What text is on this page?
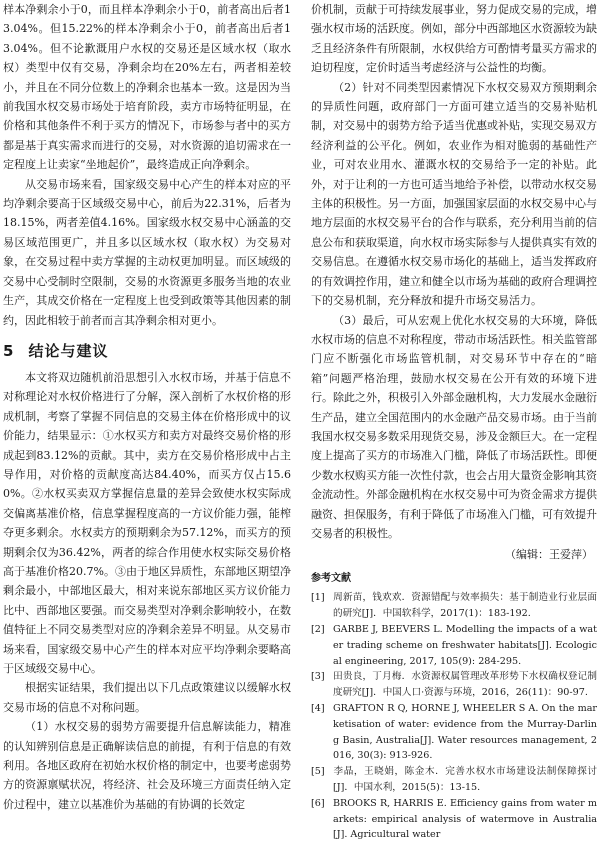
样本净剩余小于0，而且样本净剩余小于0，前者高出后者13.04%。但15.22%的样本净剩余小于0，前者高出后者13.04%。但不论歉溉用户水权的交易还是区域水权（取水权）类型中仅有交易，净剩余均在20%左右，两者相差较小，并且在不同分位数上的净剩余也基本一致。这是因为当前我国水权交易市场处于培育阶段，卖方市场特征明显，在价格和其他条件不利于买方的情况下，市场参与者中的买方都是基于真实需求而进行的交易，对水资源的追切需求在一定程度上让卖家“坐地起价”，最终造成正向净剩余。

从交易市场来看，国家级交易中心产生的样本对应的平均净剩余要高于区域级交易中心，前后为22.31%，后者为18.15%，两者差值4.16%。国家级水权交易中心涵盖的交易区域范围更广，并且多以区域水权（取水权）为交易对象，在交易过程中卖方掌握的主动权更加明显。而区域级的交易中心受制时空限制，交易的水资源更多服务当地的农业生产，其成交价格在一定程度上也受到政策等其他因素的制约，因此相较于前者而言其净剩余相对更小。

5 结论与建议

本文将双边随机前沿思想引入水权市场，并基于信息不对称理论对水权价格进行了分解，深入剖析了水权价格的形成机制，考察了掌握不同信息的交易主体在价格形成中的议价能力，结果显示：①水权买方和卖方对最终交易价格的形成起到83.12%的贡献。其中，卖方在交易价格形成中占主导作用，对价格的贡献度高达84.40%，而买方仅占15.60%。②水权买卖双方掌握信息量的差异会致使水权实际成交偏离基准价格，信息掌握程度高的一方议价能力强，能榨夺更多剩余。水权卖方的预期剩余为57.12%，而买方的预期剩余仅为36.42%，两者的综合作用使水权实际交易价格高于基准价格20.7%。③由于地区异质性，东部地区期望净剩余最小，中部地区最大，相对来说东部地区买方议价能力比中、西部地区要强。而交易类型对净剩余影响较小，在数值特征上不同交易类型对应的净剩余差异不明显。从交易市场来看，国家级交易中心产生的样本对应平均净剩余要略高于区域级交易中心。

根据实证结果，我们提出以下几点政策建议以缓解水权交易市场的信息不对称问题。

（1）水权交易的弱势方需要提升信息解读能力，精准的认知辨别信息是正确解读信息的前提，有利于信息的有效利用。各地区政府在初始水权价格的制定中，也要考虑弱势方的资源禀赋状况，将经济、社会及环境三方面责任纳入定价过程中，建立以基准价为基础的有协调的长效定

价机制，贡献于可持续发展事业，努力促成交易的完成，增强水权市场的活跃度。例如，部分中西部地区水资源较为缺乏且经济条件有所限制，水权供给方可酌情考量买方需求的迫切程度，定价时适当考虑经济与公益性的均衡。

（2）针对不同类型因素情况下水权交易双方预期剩余的异质性问题，政府部门一方面可建立适当的交易补贴机制，对交易中的弱势方给予适当优惠或补贴，实现交易双方经济利益的公平化。例如，农业作为相对脆弱的基础性产业，可对农业用水、灌溉水权的交易给予一定的补贴。此外，对于让利的一方也可适当地给予补偿，以带动水权交易主体的积极性。另一方面，加强国家层面的水权交易中心与地方层面的水权交易平台的合作与联系，充分利用当前的信息公布和获取渠道，向水权市场实际参与人提供真实有效的交易信息。在遵循水权交易市场化的基础上，适当发挥政府的有效调控作用，建立和健全以市场为基础的政府合理调控下的交易机制，充分释放和提升市场交易活力。

（3）最后，可从宏观上优化水权交易的大环境，降低水权市场的信息不对称程度，带动市场活跃性。相关监管部门应不断强化市场监管机制，对交易环节中存在的“暗箱”问题严格治理，鼓励水权交易在公开有效的环境下进行。除此之外，积极引入外部金融机构，大力发展水金融衍生产品，建立全国范围内的水金融产品交易市场。由于当前我国水权交易多数采用现货交易，涉及金额巨大。在一定程度上提高了买方的市场准入门槛，降低了市场活跃性。即便少数水权购买方能一次性付款，也会占用大量资金影响其资金流动性。外部金融机构在水权交易中可为资金需求方提供融资、担保服务，有利于降低了市场准入门槛，可有效提升交易者的积极性。

（编辑：王爱萍）
参考文献
[1] 周新苗，钱欢欢．资源错配与效率损失：基于制造业行业层面的研究[J]．中国软科学，2017(1)：183-192.
[2] GARBE J, BEEVERS L. Modelling the impacts of a water trading scheme on freshwater habitats[J]. Ecological engineering, 2017, 105(9): 284-295.
[3] 田贵良，丁月梅．水资源权属管理改革形势下水权确权登记制度研究[J]．中国人口·资源与环境，2016，26(11)：90-97.
[4] GRAFTON R Q, HORNE J, WHEELER S A. On the marketisation of water: evidence from the Murray-Darling Basin, Australia[J]. Water resources management, 2016, 30(3): 913-926.
[5] 李晶，王晓娟，陈金木．完善水权水市场建设法制保障探讨[J]．中国水利，2015(5)：13-15.
[6] BROOKS R, HARRIS E. Efficiency gains from water markets: empirical analysis of watermove in Australia[J]. Agricultural water
